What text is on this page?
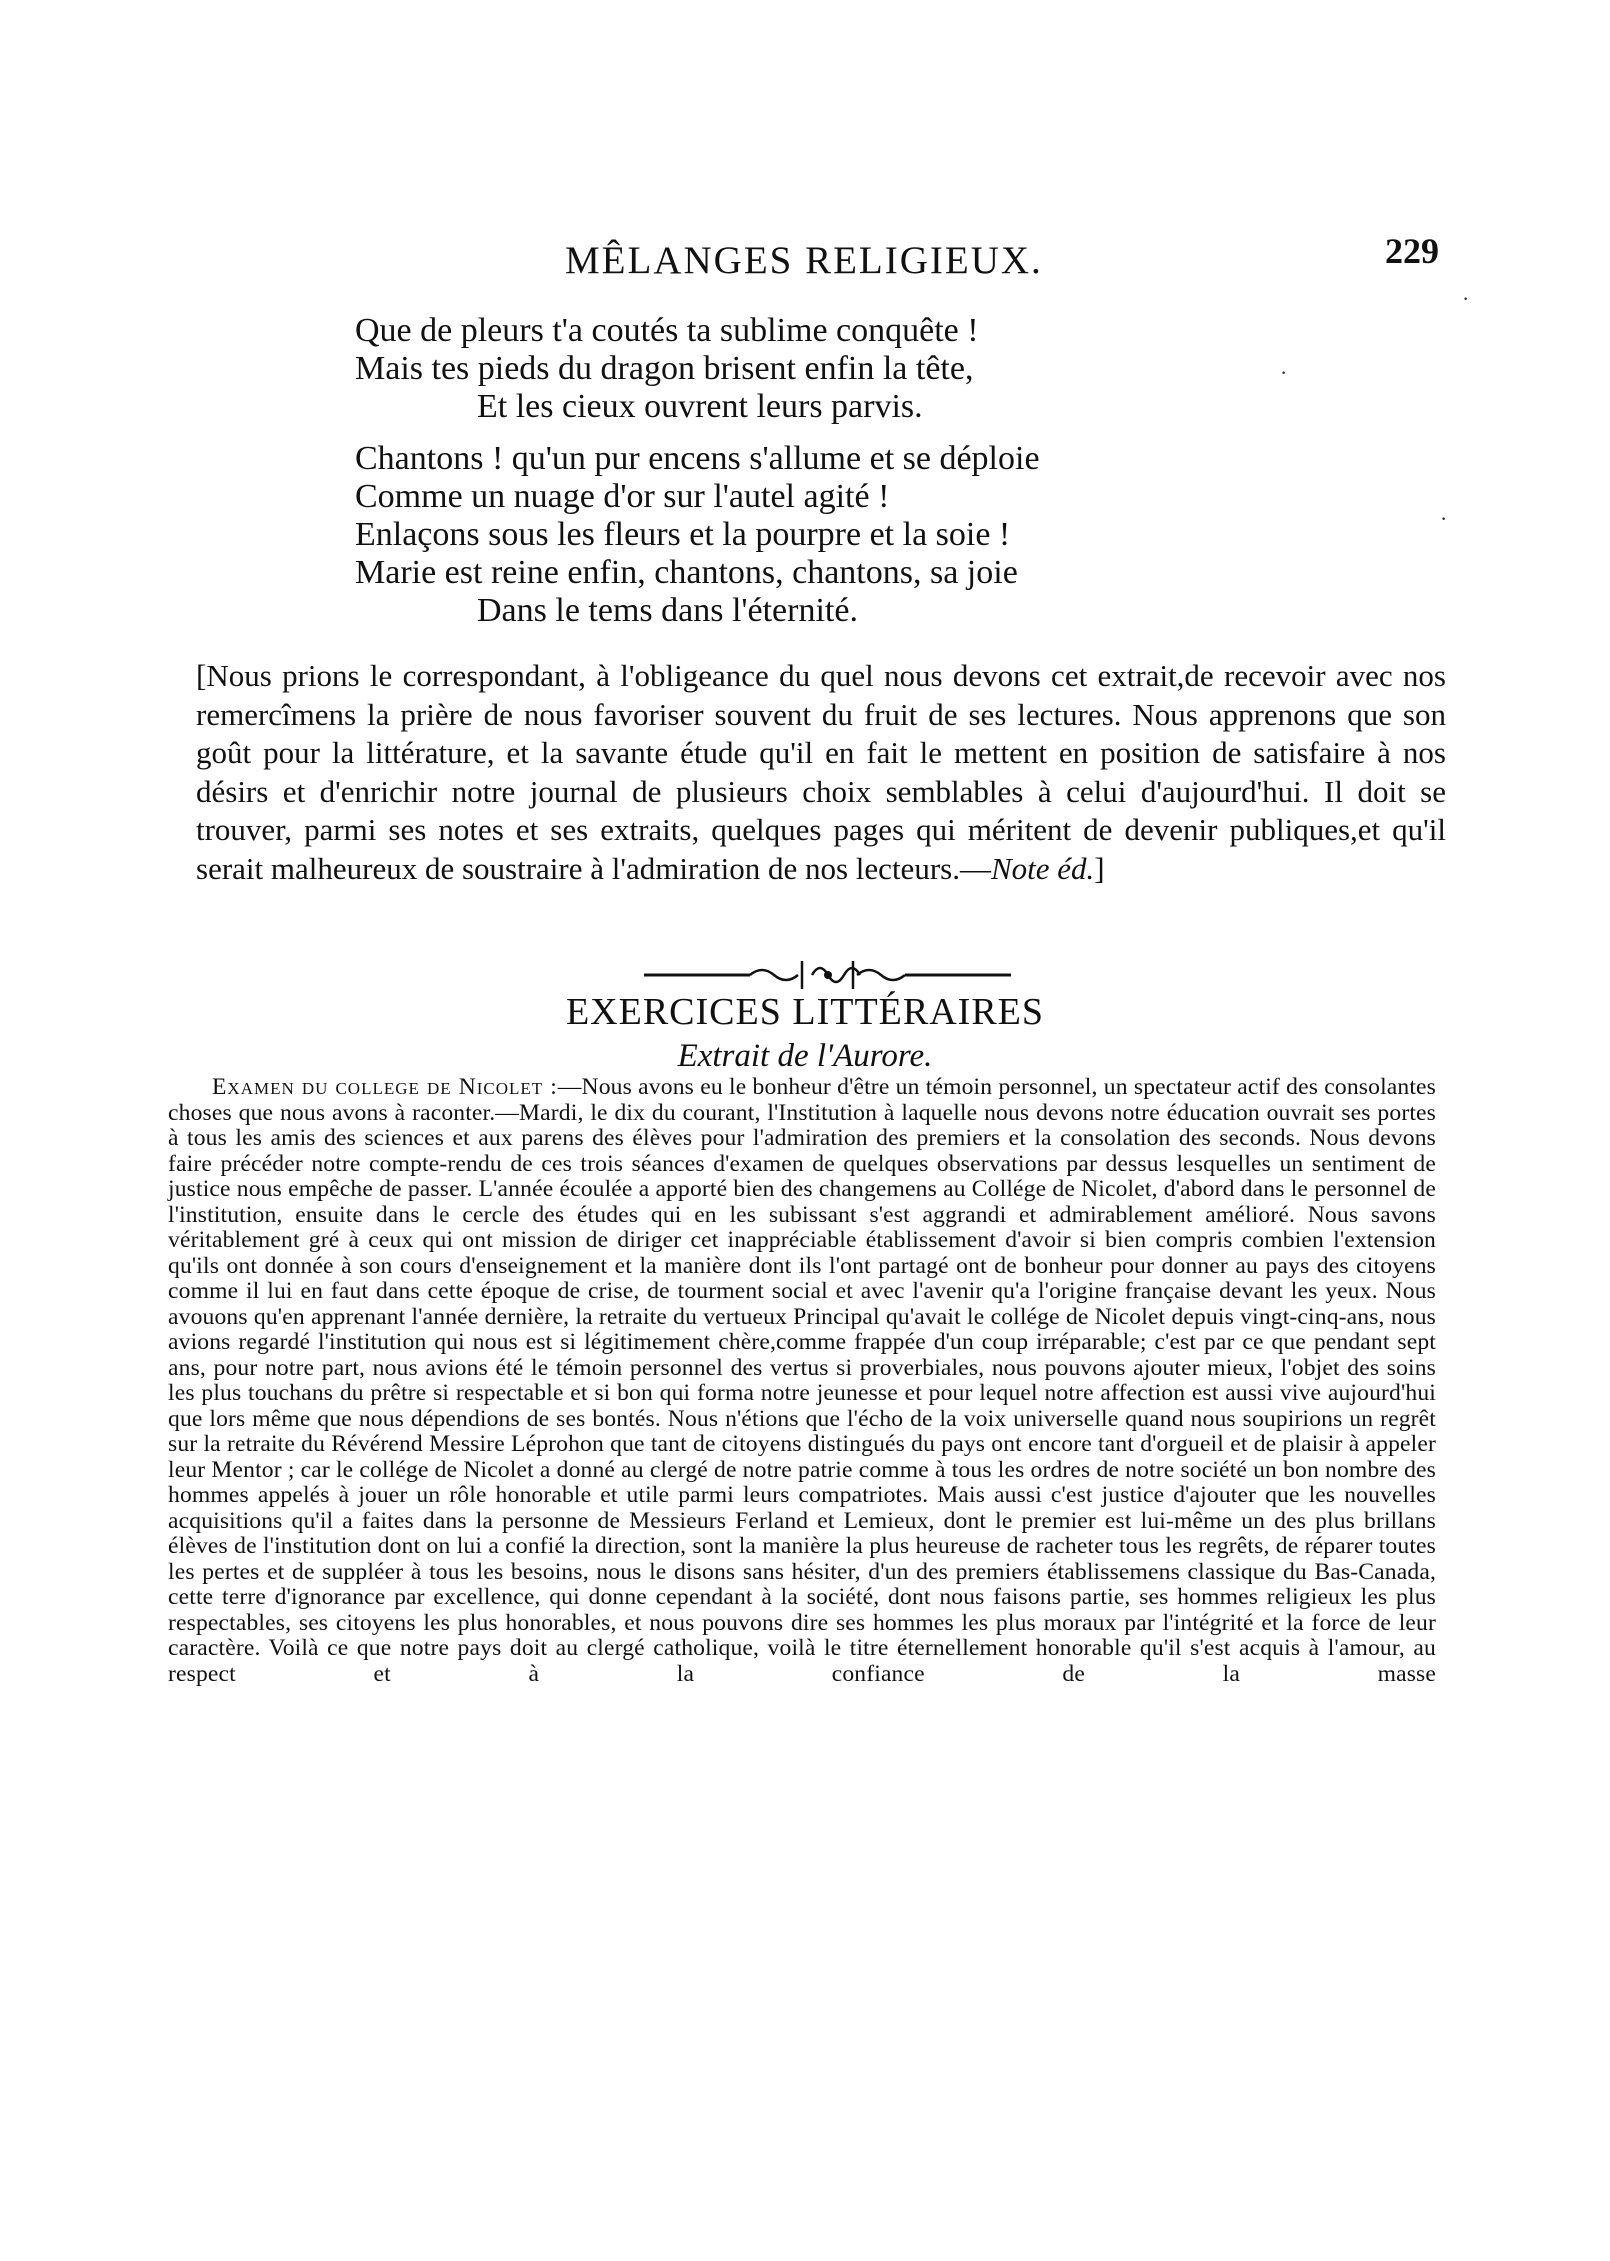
MÊLANGES RELIGIEUX.	229
·
·
·
Que de pleurs t'a coutés ta sublime conquête !
Mais tes pieds du dragon brisent enfin la tête,
Et les cieux ouvrent leurs parvis.
Chantons ! qu'un pur encens s'allume et se déploie
Comme un nuage d'or sur l'autel agité !
Enlaçons sous les fleurs et la pourpre et la soie !
Marie est reine enfin, chantons, chantons, sa joie
Dans le tems dans l'éternité.
[Nous prions le correspondant, à l'obligeance du quel nous devons cet extrait,de recevoir avec nos remercîmens la prière de nous favoriser souvent du fruit de ses lectures. Nous apprenons que son goût pour la littérature, et la savante étude qu'il en fait le mettent en position de satisfaire à nos désirs et d'enrichir notre journal de plusieurs choix semblables à celui d'aujourd'hui. Il doit se trouver, parmi ses notes et ses extraits, quelques pages qui méritent de devenir publiques,et qu'il serait malheureux de soustraire à l'admiration de nos lecteurs.—Note éd.]
EXERCICES LITTÉRAIRES
Extrait de l'Aurore.
Examen du college de Nicolet :—Nous avons eu le bonheur d'être un témoin personnel, un spectateur actif des consolantes choses que nous avons à raconter.—Mardi, le dix du courant, l'Institution à laquelle nous devons notre éducation ouvrait ses portes à tous les amis des sciences et aux parens des élèves pour l'admiration des premiers et la consolation des seconds. Nous devons faire précéder notre compte-rendu de ces trois séances d'examen de quelques observations par dessus lesquelles un sentiment de justice nous empêche de passer. L'année écoulée a apporté bien des changemens au Collége de Nicolet, d'abord dans le personnel de l'institution, ensuite dans le cercle des études qui en les subissant s'est aggrandi et admirablement amélioré. Nous savons véritablement gré à ceux qui ont mission de diriger cet inappréciable établissement d'avoir si bien compris combien l'extension qu'ils ont donnée à son cours d'enseignement et la manière dont ils l'ont partagé ont de bonheur pour donner au pays des citoyens comme il lui en faut dans cette époque de crise, de tourment social et avec l'avenir qu'a l'origine française devant les yeux. Nous avouons qu'en apprenant l'année dernière, la retraite du vertueux Principal qu'avait le collége de Nicolet depuis vingt-cinq-ans, nous avions regardé l'institution qui nous est si légitimement chère,comme frappée d'un coup irréparable; c'est par ce que pendant sept ans, pour notre part, nous avions été le témoin personnel des vertus si proverbiales, nous pouvons ajouter mieux, l'objet des soins les plus touchans du prêtre si respectable et si bon qui forma notre jeunesse et pour lequel notre affection est aussi vive aujourd'hui que lors même que nous dépendions de ses bontés. Nous n'étions que l'écho de la voix universelle quand nous soupirions un regrêt sur la retraite du Révérend Messire Léprohon que tant de citoyens distingués du pays ont encore tant d'orgueil et de plaisir à appeler leur Mentor ; car le collége de Nicolet a donné au clergé de notre patrie comme à tous les ordres de notre société un bon nombre des hommes appelés à jouer un rôle honorable et utile parmi leurs compatriotes. Mais aussi c'est justice d'ajouter que les nouvelles acquisitions qu'il a faites dans la personne de Messieurs Ferland et Lemieux, dont le premier est lui-même un des plus brillans élèves de l'institution dont on lui a confié la direction, sont la manière la plus heureuse de racheter tous les regrêts, de réparer toutes les pertes et de suppléer à tous les besoins, nous le disons sans hésiter, d'un des premiers établissemens classique du Bas-Canada, cette terre d'ignorance par excellence, qui donne cependant à la société, dont nous faisons partie, ses hommes religieux les plus respectables, ses citoyens les plus honorables, et nous pouvons dire ses hommes les plus moraux par l'intégrité et la force de leur caractère. Voilà ce que notre pays doit au clergé catholique, voilà le titre éternellement honorable qu'il s'est acquis à l'amour, au respect et à la confiance de la masse
